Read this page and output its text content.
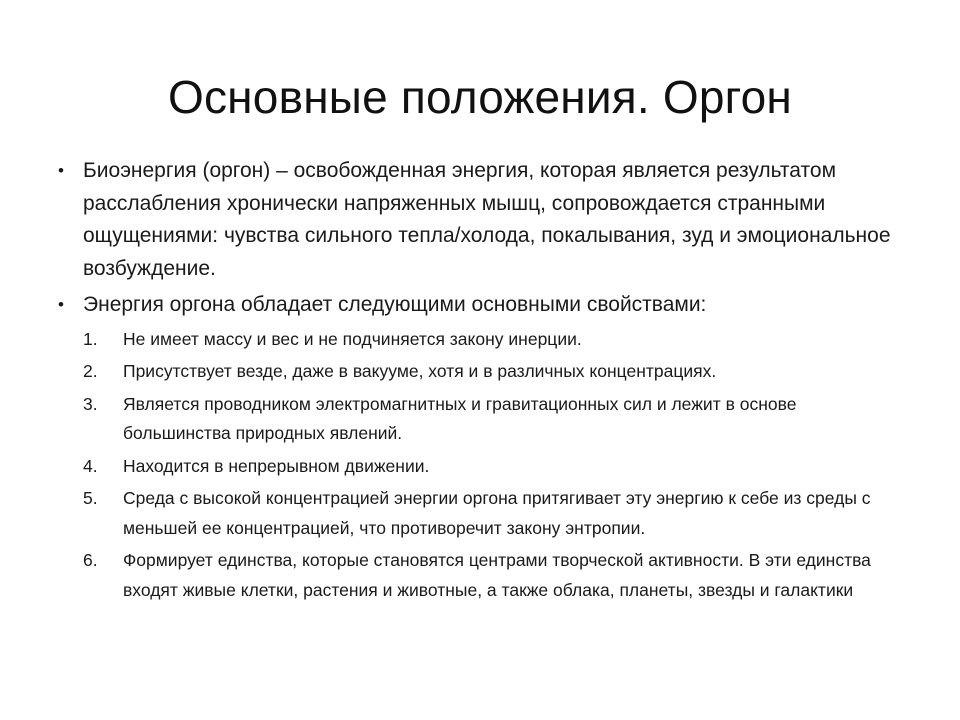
Основные положения. Оргон
• Биоэнергия (оргон) – освобожденная энергия, которая является результатом расслабления хронически напряженных мышц, сопровождается странными ощущениями: чувства сильного тепла/холода, покалывания, зуд и эмоциональное возбуждение.
• Энергия оргона обладает следующими основными свойствами:
1. Не имеет массу и вес и не подчиняется закону инерции.
2. Присутствует везде, даже в вакууме, хотя и в различных концентрациях.
3. Является проводником электромагнитных и гравитационных сил и лежит в основе большинства природных явлений.
4. Находится в непрерывном движении.
5. Среда с высокой концентрацией энергии оргона притягивает эту энергию к себе из среды с меньшей ее концентрацией, что противоречит закону энтропии.
6. Формирует единства, которые становятся центрами творческой активности. В эти единства входят живые клетки, растения и животные, а также облака, планеты, звезды и галактики
